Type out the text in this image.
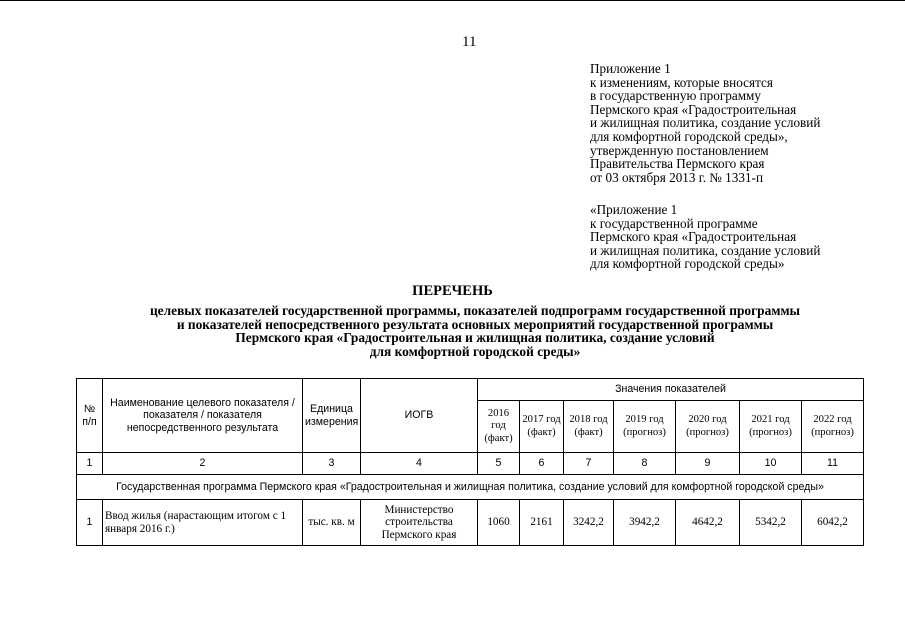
11
Приложение 1
к изменениям, которые вносятся
в государственную программу
Пермского края «Градостроительная
и жилищная политика, создание условий
для комфортной городской среды»,
утвержденную постановлением
Правительства Пермского края
от 03 октября 2013 г. № 1331-п
«Приложение 1
к государственной программе
Пермского края «Градостроительная
и жилищная политика, создание условий
для комфортной городской среды»
ПЕРЕЧЕНЬ
целевых показателей государственной программы, показателей подпрограмм государственной программы
и показателей непосредственного результата основных мероприятий государственной программы
Пермского края «Градостроительная и жилищная политика, создание условий
для комфортной городской среды»
№ п/п	Наименование целевого показателя / показателя / показателя непосредственного результата	Единица измерения	ИОГВ	Значения показателей						
				2016 год (факт)	2017 год (факт)	2018 год (факт)	2019 год (прогноз)	2020 год (прогноз)	2021 год (прогноз)	2022 год (прогноз)
1	2	3	4	5	6	7	8	9	10	11
Государственная программа Пермского края «Градостроительная и жилищная политика, создание условий для комфортной городской среды»										
1	Ввод жилья (нарастающим итогом с 1 января 2016 г.)	тыс. кв. м	Министерство строительства Пермского края	1060	2161	3242,2	3942,2	4642,2	5342,2	6042,2
